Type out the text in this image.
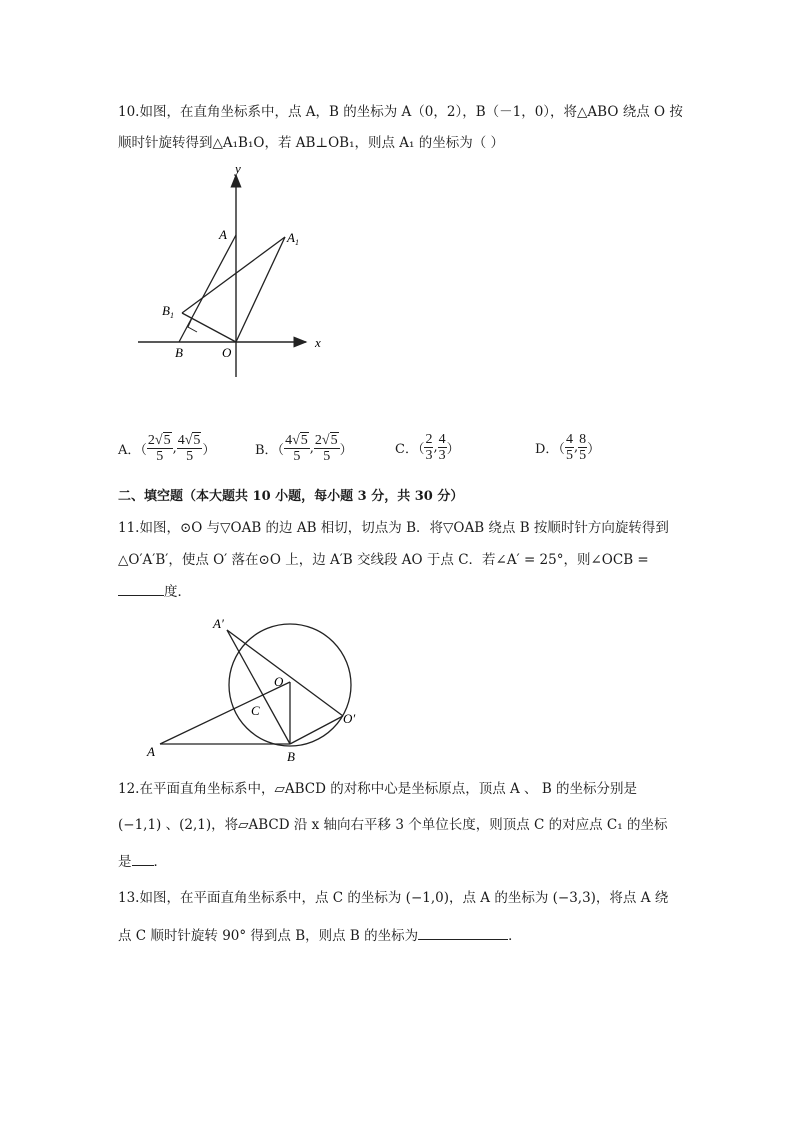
10.如图，在直角坐标系中，点 A，B 的坐标为 A（0，2），B（－1，0），将△ABO 绕点 O 按
顺时针旋转得到△A₁B₁O，若 AB⊥OB₁，则点 A₁ 的坐标为（ ）
y
x
A	$A_1$
$B_1$
B	O
A．（ $\frac{2√5}{5}$ , $\frac{4√5}{5}$ ）	B．（ $\frac{4√5}{5}$ , $\frac{2√5}{5}$ ）	C．（ $\frac{2}{3}$ , $\frac{4}{3}$ ）	D．（ $\frac{4}{5}$ , $\frac{8}{5}$ ）
二、填空题（本大题共 10 小题，每小题 3 分，共 30 分）
11.如图，⊙O 与▽OAB 的边 AB 相切，切点为 B．将▽OAB 绕点 B 按顺时针方向旋转得到
△O′A′B′，使点 O′ 落在⊙O 上，边 A′B 交线段 AO 于点 C．若∠A′ = 25°，则∠OCB =
度．
A′
O
C
O′
A	B
12.在平面直角坐标系中，▱ABCD 的对称中心是坐标原点，顶点 A 、 B 的坐标分别是
(−1,1) 、(2,1)，将▱ABCD 沿 x 轴向右平移 3 个单位长度，则顶点 C 的对应点 C₁ 的坐标
是 ．
13.如图，在平面直角坐标系中，点 C 的坐标为 (−1,0)，点 A 的坐标为 (−3,3)，将点 A 绕
点 C 顺时针旋转 90° 得到点 B，则点 B 的坐标为	．
